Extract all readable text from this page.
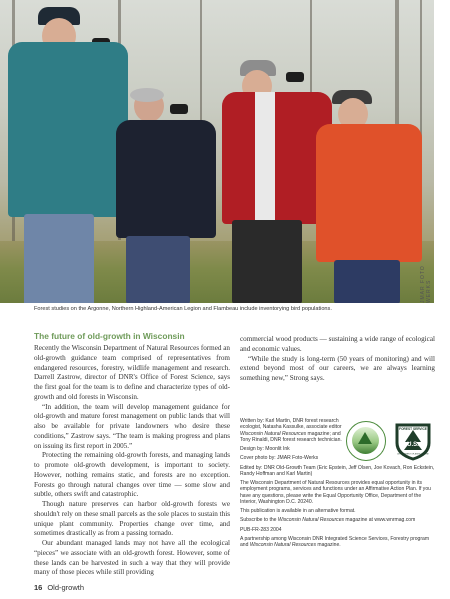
JMAR FOTO WERKS
Forest studies on the Argonne, Northern Highland-American Legion and Flambeau include inventorying bird populations.
The future of old-growth in Wisconsin

Recently the Wisconsin Department of Natural Resources formed an old-growth guidance team comprised of representatives from endangered resources, forestry, wildlife management and research. Darrell Zastrow, director of DNR's Office of Forest Science, says the first goal for the team is to define and characterize types of old-growth and old forests in Wisconsin.

“In addition, the team will develop management guidance for old-growth and mature forest management on public lands that will also be available for private landowners who desire these conditions,” Zastrow says. “The team is making progress and plans on issuing its first report in 2005.”

Protecting the remaining old-growth forests, and managing lands to promote old-growth development, is important to society. However, nothing remains static, and forests are no exception. Forests go through natural changes over time — some slow and subtle, others swift and catastrophic.

Though nature preserves can harbor old-growth forests we shouldn't rely on these small parcels as the sole places to sustain this unique plant community. Properties change over time, and sometimes drastically as from a passing tornado.

Our abundant managed lands may not have all the ecological “pieces” we associate with an old-growth forest. However, some of these lands can be harvested in such a way that they will provide many of those pieces while still providing

commercial wood products — sustaining a wide range of ecological and economic values.

“While the study is long-term (50 years of monitoring) and will extend beyond most of our careers, we are always learning something new,” Strong says.

Written by: Karl Martin, DNR forest research ecologist, Natasha Kassulke, associate editor Wisconsin Natural Resources magazine; and Tony Rinaldi, DNR forest research technician.
Design by: Moonlit Ink
Cover photo by: JMAR Foto-Werks
Edited by: DNR Old-Growth Team (Eric Epstein, Jeff Olsen, Joe Kovach, Ron Eckstein, Randy Hoffman and Karl Martin)
The Wisconsin Department of Natural Resources provides equal opportunity in its employment programs, services and functions under an Affirmative Action Plan. If you have any questions, please write the Equal Opportunity Office, Department of the Interior, Washington D.C. 20240.
This publication is available in an alternative format.
Subscribe to the Wisconsin Natural Resources magazine at www.wnrmag.com
PUB-FR-283 2004
A partnership among Wisconsin DNR Integrated Science Services, Forestry program and Wisconsin Natural Resources magazine.
FOREST SERVICE
U.S.
DEPARTMENT OF AGRICULTURE
16 Old-growth
